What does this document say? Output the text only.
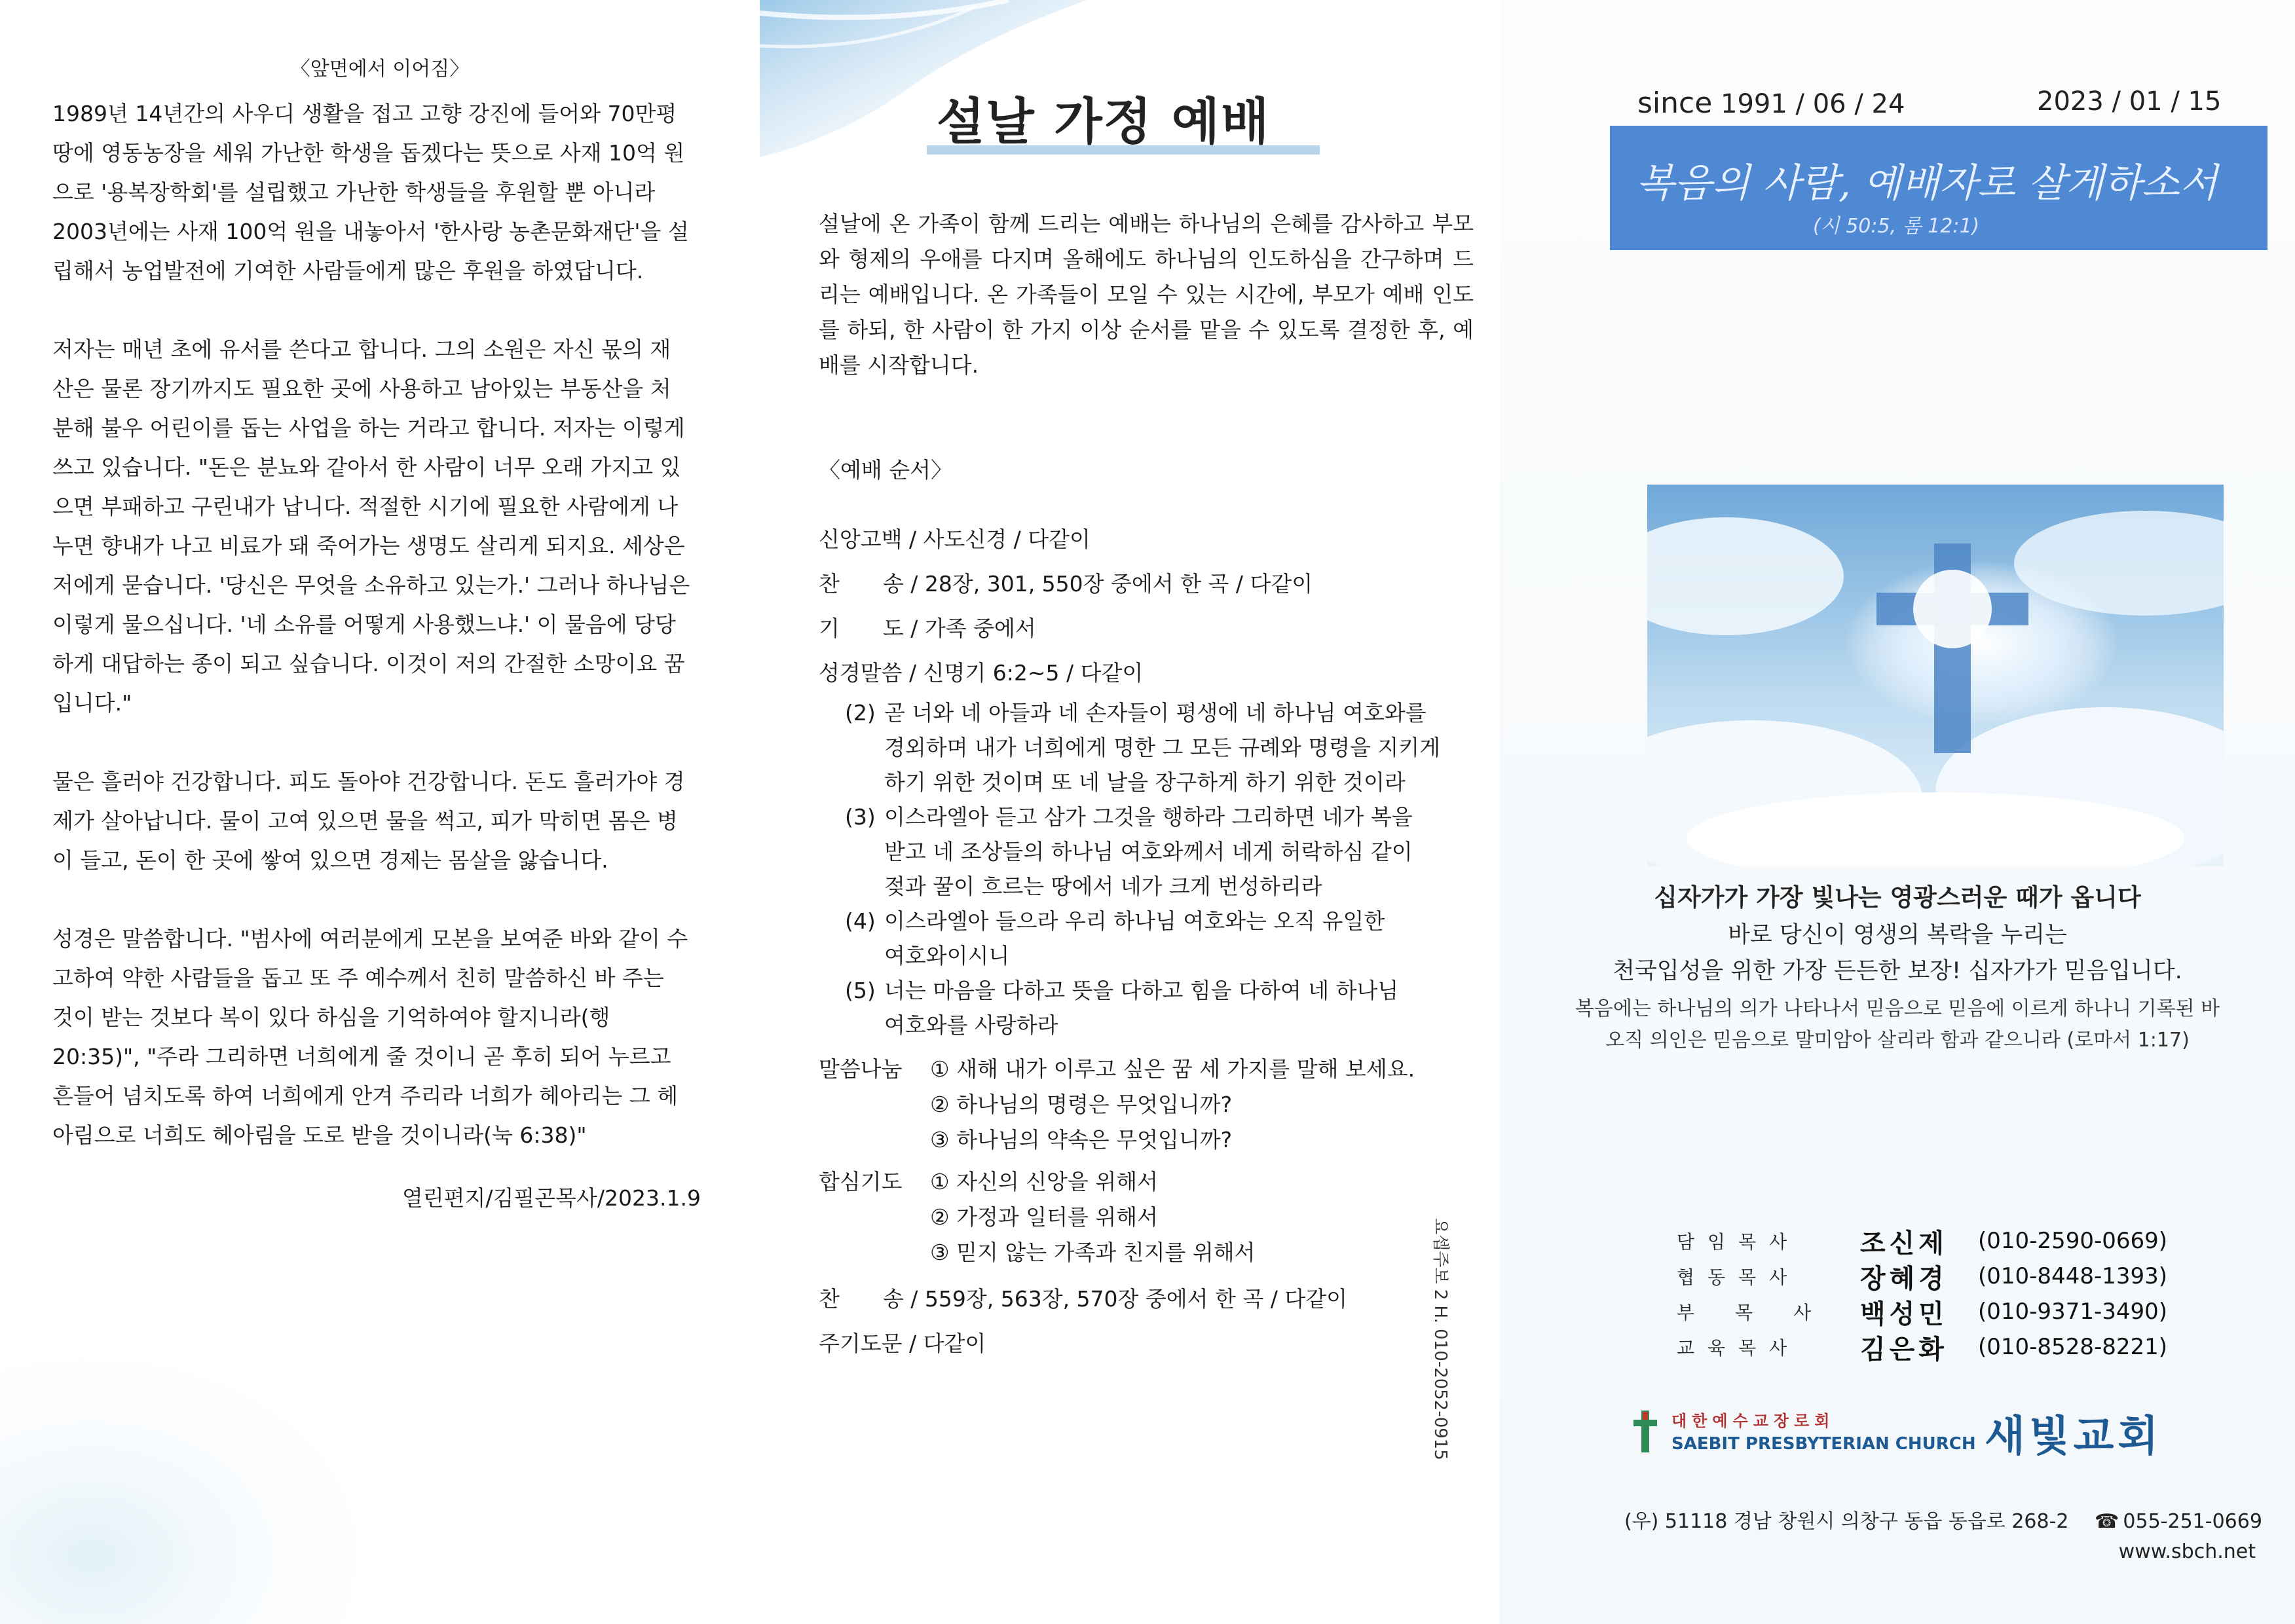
〈앞면에서 이어짐〉
1989년 14년간의 사우디 생활을 접고 고향 강진에 들어와 70만평
땅에 영동농장을 세워 가난한 학생을 돕겠다는 뜻으로 사재 10억 원
으로 '용복장학회'를 설립했고 가난한 학생들을 후원할 뿐 아니라
2003년에는 사재 100억 원을 내놓아서 '한사랑 농촌문화재단'을 설
립해서 농업발전에 기여한 사람들에게 많은 후원을 하였답니다.
저자는 매년 초에 유서를 쓴다고 합니다. 그의 소원은 자신 몫의 재
산은 물론 장기까지도 필요한 곳에 사용하고 남아있는 부동산을 처
분해 불우 어린이를 돕는 사업을 하는 거라고 합니다. 저자는 이렇게
쓰고 있습니다. "돈은 분뇨와 같아서 한 사람이 너무 오래 가지고 있
으면 부패하고 구린내가 납니다. 적절한 시기에 필요한 사람에게 나
누면 향내가 나고 비료가 돼 죽어가는 생명도 살리게 되지요. 세상은
저에게 묻습니다. '당신은 무엇을 소유하고 있는가.' 그러나 하나님은
이렇게 물으십니다. '네 소유를 어떻게 사용했느냐.' 이 물음에 당당
하게 대답하는 종이 되고 싶습니다. 이것이 저의 간절한 소망이요 꿈
입니다."
물은 흘러야 건강합니다. 피도 돌아야 건강합니다. 돈도 흘러가야 경
제가 살아납니다. 물이 고여 있으면 물을 썩고, 피가 막히면 몸은 병
이 들고, 돈이 한 곳에 쌓여 있으면 경제는 몸살을 앓습니다.
성경은 말씀합니다. "범사에 여러분에게 모본을 보여준 바와 같이 수
고하여 약한 사람들을 돕고 또 주 예수께서 친히 말씀하신 바 주는
것이 받는 것보다 복이 있다 하심을 기억하여야 할지니라(행
20:35)", "주라 그리하면 너희에게 줄 것이니 곧 후히 되어 누르고
흔들어 넘치도록 하여 너희에게 안겨 주리라 너희가 헤아리는 그 헤
아림으로 너희도 헤아림을 도로 받을 것이니라(눅 6:38)"
열린편지/김필곤목사/2023.1.9
설날 가정 예배
설날에 온 가족이 함께 드리는 예배는 하나님의 은혜를 감사하고 부모와 형제의 우애를 다지며 올해에도 하나님의 인도하심을 간구하며 드리는 예배입니다. 온 가족들이 모일 수 있는 시간에, 부모가 예배 인도를 하되, 한 사람이 한 가지 이상 순서를 맡을 수 있도록 결정한 후, 예배를 시작합니다.
〈예배 순서〉
신앙고백 / 사도신경 / 다같이
찬　　송 / 28장, 301, 550장 중에서 한 곡 / 다같이
기　　도 / 가족 중에서
성경말씀 / 신명기 6:2~5 / 다같이
(2) 곧 너와 네 아들과 네 손자들이 평생에 네 하나님 여호와를
경외하며 내가 너희에게 명한 그 모든 규례와 명령을 지키게
하기 위한 것이며 또 네 날을 장구하게 하기 위한 것이라
(3) 이스라엘아 듣고 삼가 그것을 행하라 그리하면 네가 복을
받고 네 조상들의 하나님 여호와께서 네게 허락하심 같이
젖과 꿀이 흐르는 땅에서 네가 크게 번성하리라
(4) 이스라엘아 들으라 우리 하나님 여호와는 오직 유일한
여호와이시니
(5) 너는 마음을 다하고 뜻을 다하고 힘을 다하여 네 하나님
여호와를 사랑하라
말씀나눔	① 새해 내가 이루고 싶은 꿈 세 가지를 말해 보세요.
② 하나님의 명령은 무엇입니까?
③ 하나님의 약속은 무엇입니까?
합심기도	① 자신의 신앙을 위해서
② 가정과 일터를 위해서
③ 믿지 않는 가족과 친지를 위해서
찬　　송 / 559장, 563장, 570장 중에서 한 곡 / 다같이
주기도문 / 다같이	요셉주보 2 H. 010-2052-0915
since 1991 / 06 / 24	2023 / 01 / 15
복음의 사람, 예배자로 살게하소서
(시 50:5, 롬 12:1)
십자가가 가장 빛나는 영광스러운 때가 옵니다
바로 당신이 영생의 복락을 누리는
천국입성을 위한 가장 든든한 보장! 십자가가 믿음입니다.
복음에는 하나님의 의가 나타나서 믿음으로 믿음에 이르게 하나니 기록된 바
오직 의인은 믿음으로 말미암아 살리라 함과 같으니라 (로마서 1:17)
담임목사	조신제	(010-2590-0669)
협동목사	장혜경	(010-8448-1393)
부목사 백성민	(010-9371-3490)
교육목사	김은화	(010-8528-8221)
대한예수교장로회
SAEBIT PRESBYTERIAN CHURCH 새빛교회
(우) 51118 경남 창원시 의창구 동읍 동읍로 268-2 ☎ 055-251-0669
www.sbch.net
